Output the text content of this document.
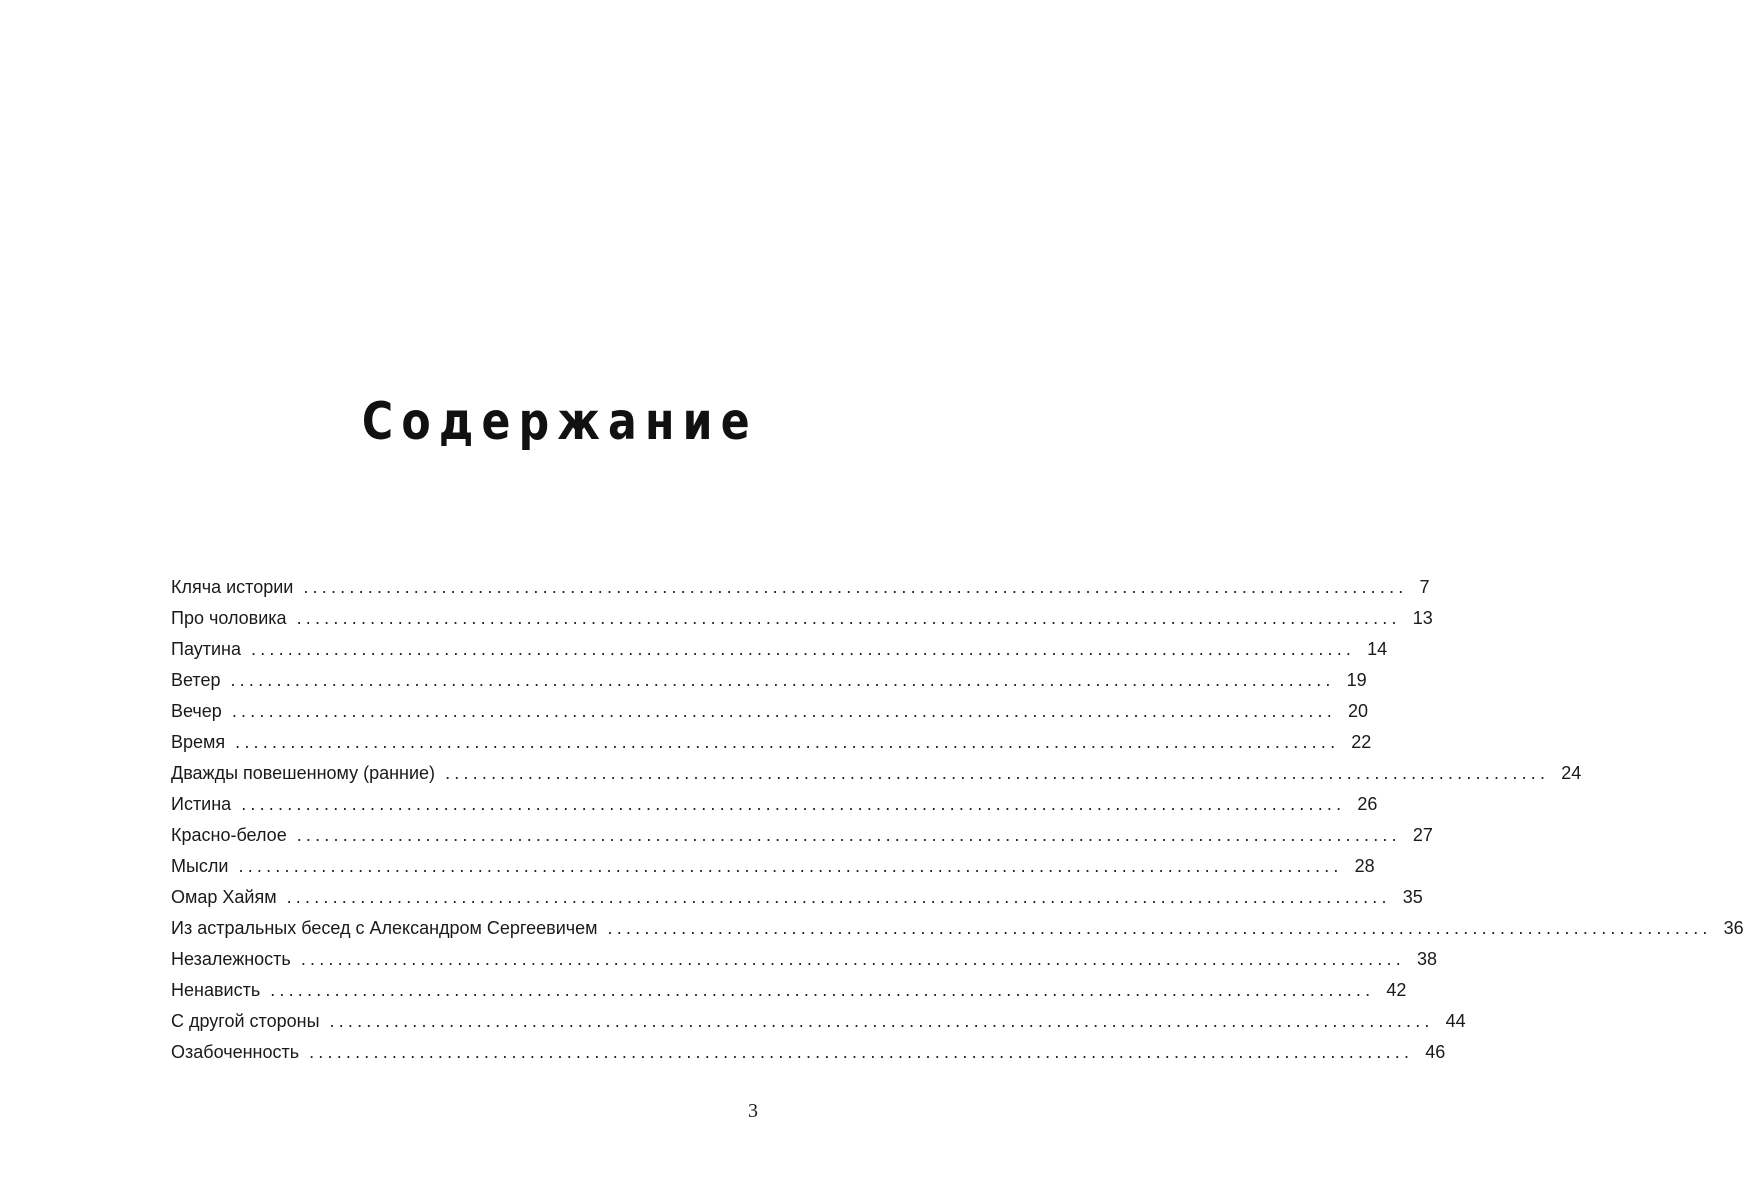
Содержание
Кляча истории ........................................................................................................................ 7
Про чоловика ........................................................................................................................ 13
Паутина ........................................................................................................................ 14
Ветер ........................................................................................................................ 19
Вечер ........................................................................................................................ 20
Время ........................................................................................................................ 22
Дважды повешенному (ранние) ........................................................................................................................ 24
Истина ........................................................................................................................ 26
Красно-белое ........................................................................................................................ 27
Мысли ........................................................................................................................ 28
Омар Хайям ........................................................................................................................ 35
Из астральных бесед с Александром Сергеевичем ........................................................................................................................ 36
Незалежность ........................................................................................................................ 38
Ненависть ........................................................................................................................ 42
С другой стороны ........................................................................................................................ 44
Озабоченность ........................................................................................................................ 46
3
